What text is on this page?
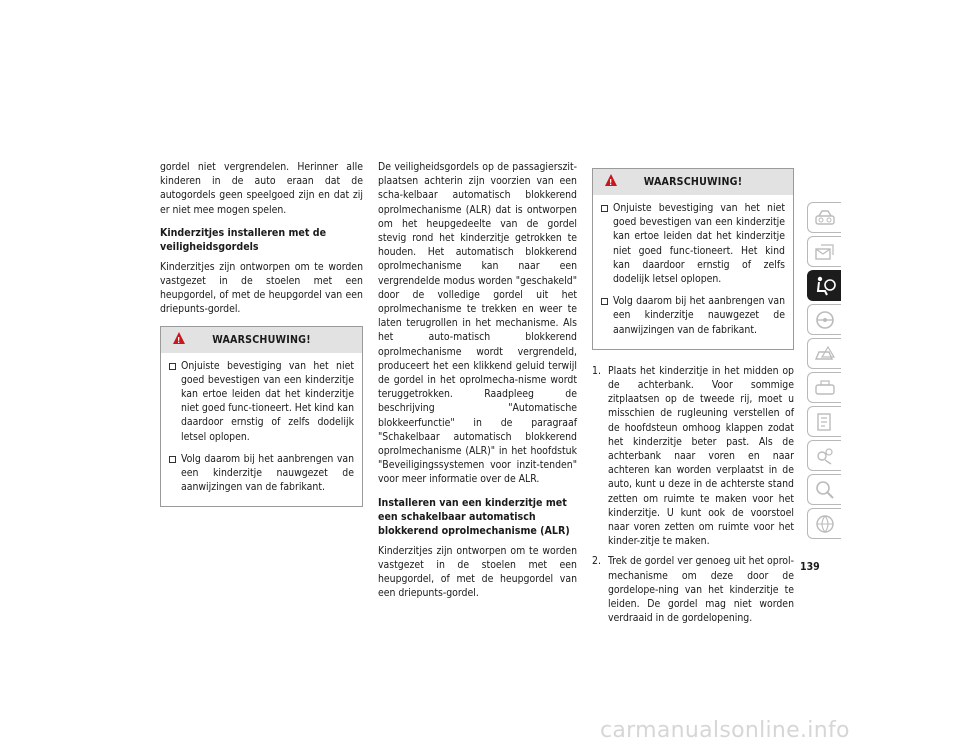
gordel niet vergrendelen. Herinner alle kinderen in de auto eraan dat de autogordels geen speelgoed zijn en dat zij er niet mee mogen spelen.

Kinderzitjes installeren met de veiligheidsgordels

Kinderzitjes zijn ontworpen om te worden vastgezet in de stoelen met een heupgordel, of met de heupgordel van een driepunts-gordel.

!
WAARSCHUWING!
Onjuiste bevestiging van het niet goed bevestigen van een kinderzitje kan ertoe leiden dat het kinderzitje niet goed func-tioneert. Het kind kan daardoor ernstig of zelfs dodelijk letsel oplopen.
Volg daarom bij het aanbrengen van een kinderzitje nauwgezet de aanwijzingen van de fabrikant.

De veiligheidsgordels op de passagierszit-plaatsen achterin zijn voorzien van een scha-kelbaar automatisch blokkerend oprolmechanisme (ALR) dat is ontworpen om het heupgedeelte van de gordel stevig rond het kinderzitje getrokken te houden. Het automatisch blokkerend oprolmechanisme kan naar een vergrendelde modus worden "geschakeld" door de volledige gordel uit het oprolmechanisme te trekken en weer te laten terugrollen in het mechanisme. Als het auto-matisch blokkerend oprolmechanisme wordt vergrendeld, produceert het een klikkend geluid terwijl de gordel in het oprolmecha-nisme wordt teruggetrokken. Raadpleeg de beschrijving "Automatische blokkeerfunctie" in de paragraaf "Schakelbaar automatisch blokkerend oprolmechanisme (ALR)" in het hoofdstuk "Beveiligingssystemen voor inzit-tenden" voor meer informatie over de ALR.

Installeren van een kinderzitje met een schakelbaar automatisch blokkerend oprolmechanisme (ALR)

Kinderzitjes zijn ontworpen om te worden vastgezet in de stoelen met een heupgordel, of met de heupgordel van een driepunts-gordel.

!
WAARSCHUWING!
Onjuiste bevestiging van het niet goed bevestigen van een kinderzitje kan ertoe leiden dat het kinderzitje niet goed func-tioneert. Het kind kan daardoor ernstig of zelfs dodelijk letsel oplopen.
Volg daarom bij het aanbrengen van een kinderzitje nauwgezet de aanwijzingen van de fabrikant.
1. Plaats het kinderzitje in het midden op de achterbank. Voor sommige zitplaatsen op de tweede rij, moet u misschien de rugleuning verstellen of de hoofdsteun omhoog klappen zodat het kinderzitje beter past. Als de achterbank naar voren en naar achteren kan worden verplaatst in de auto, kunt u deze in de achterste stand zetten om ruimte te maken voor het kinderzitje. U kunt ook de voorstoel naar voren zetten om ruimte voor het kinder-zitje te maken.
2. Trek de gordel ver genoeg uit het oprol-mechanisme om deze door de gordelope-ning van het kinderzitje te leiden. De gordel mag niet worden verdraaid in de gordelopening.
139
carmanualsonline.info
